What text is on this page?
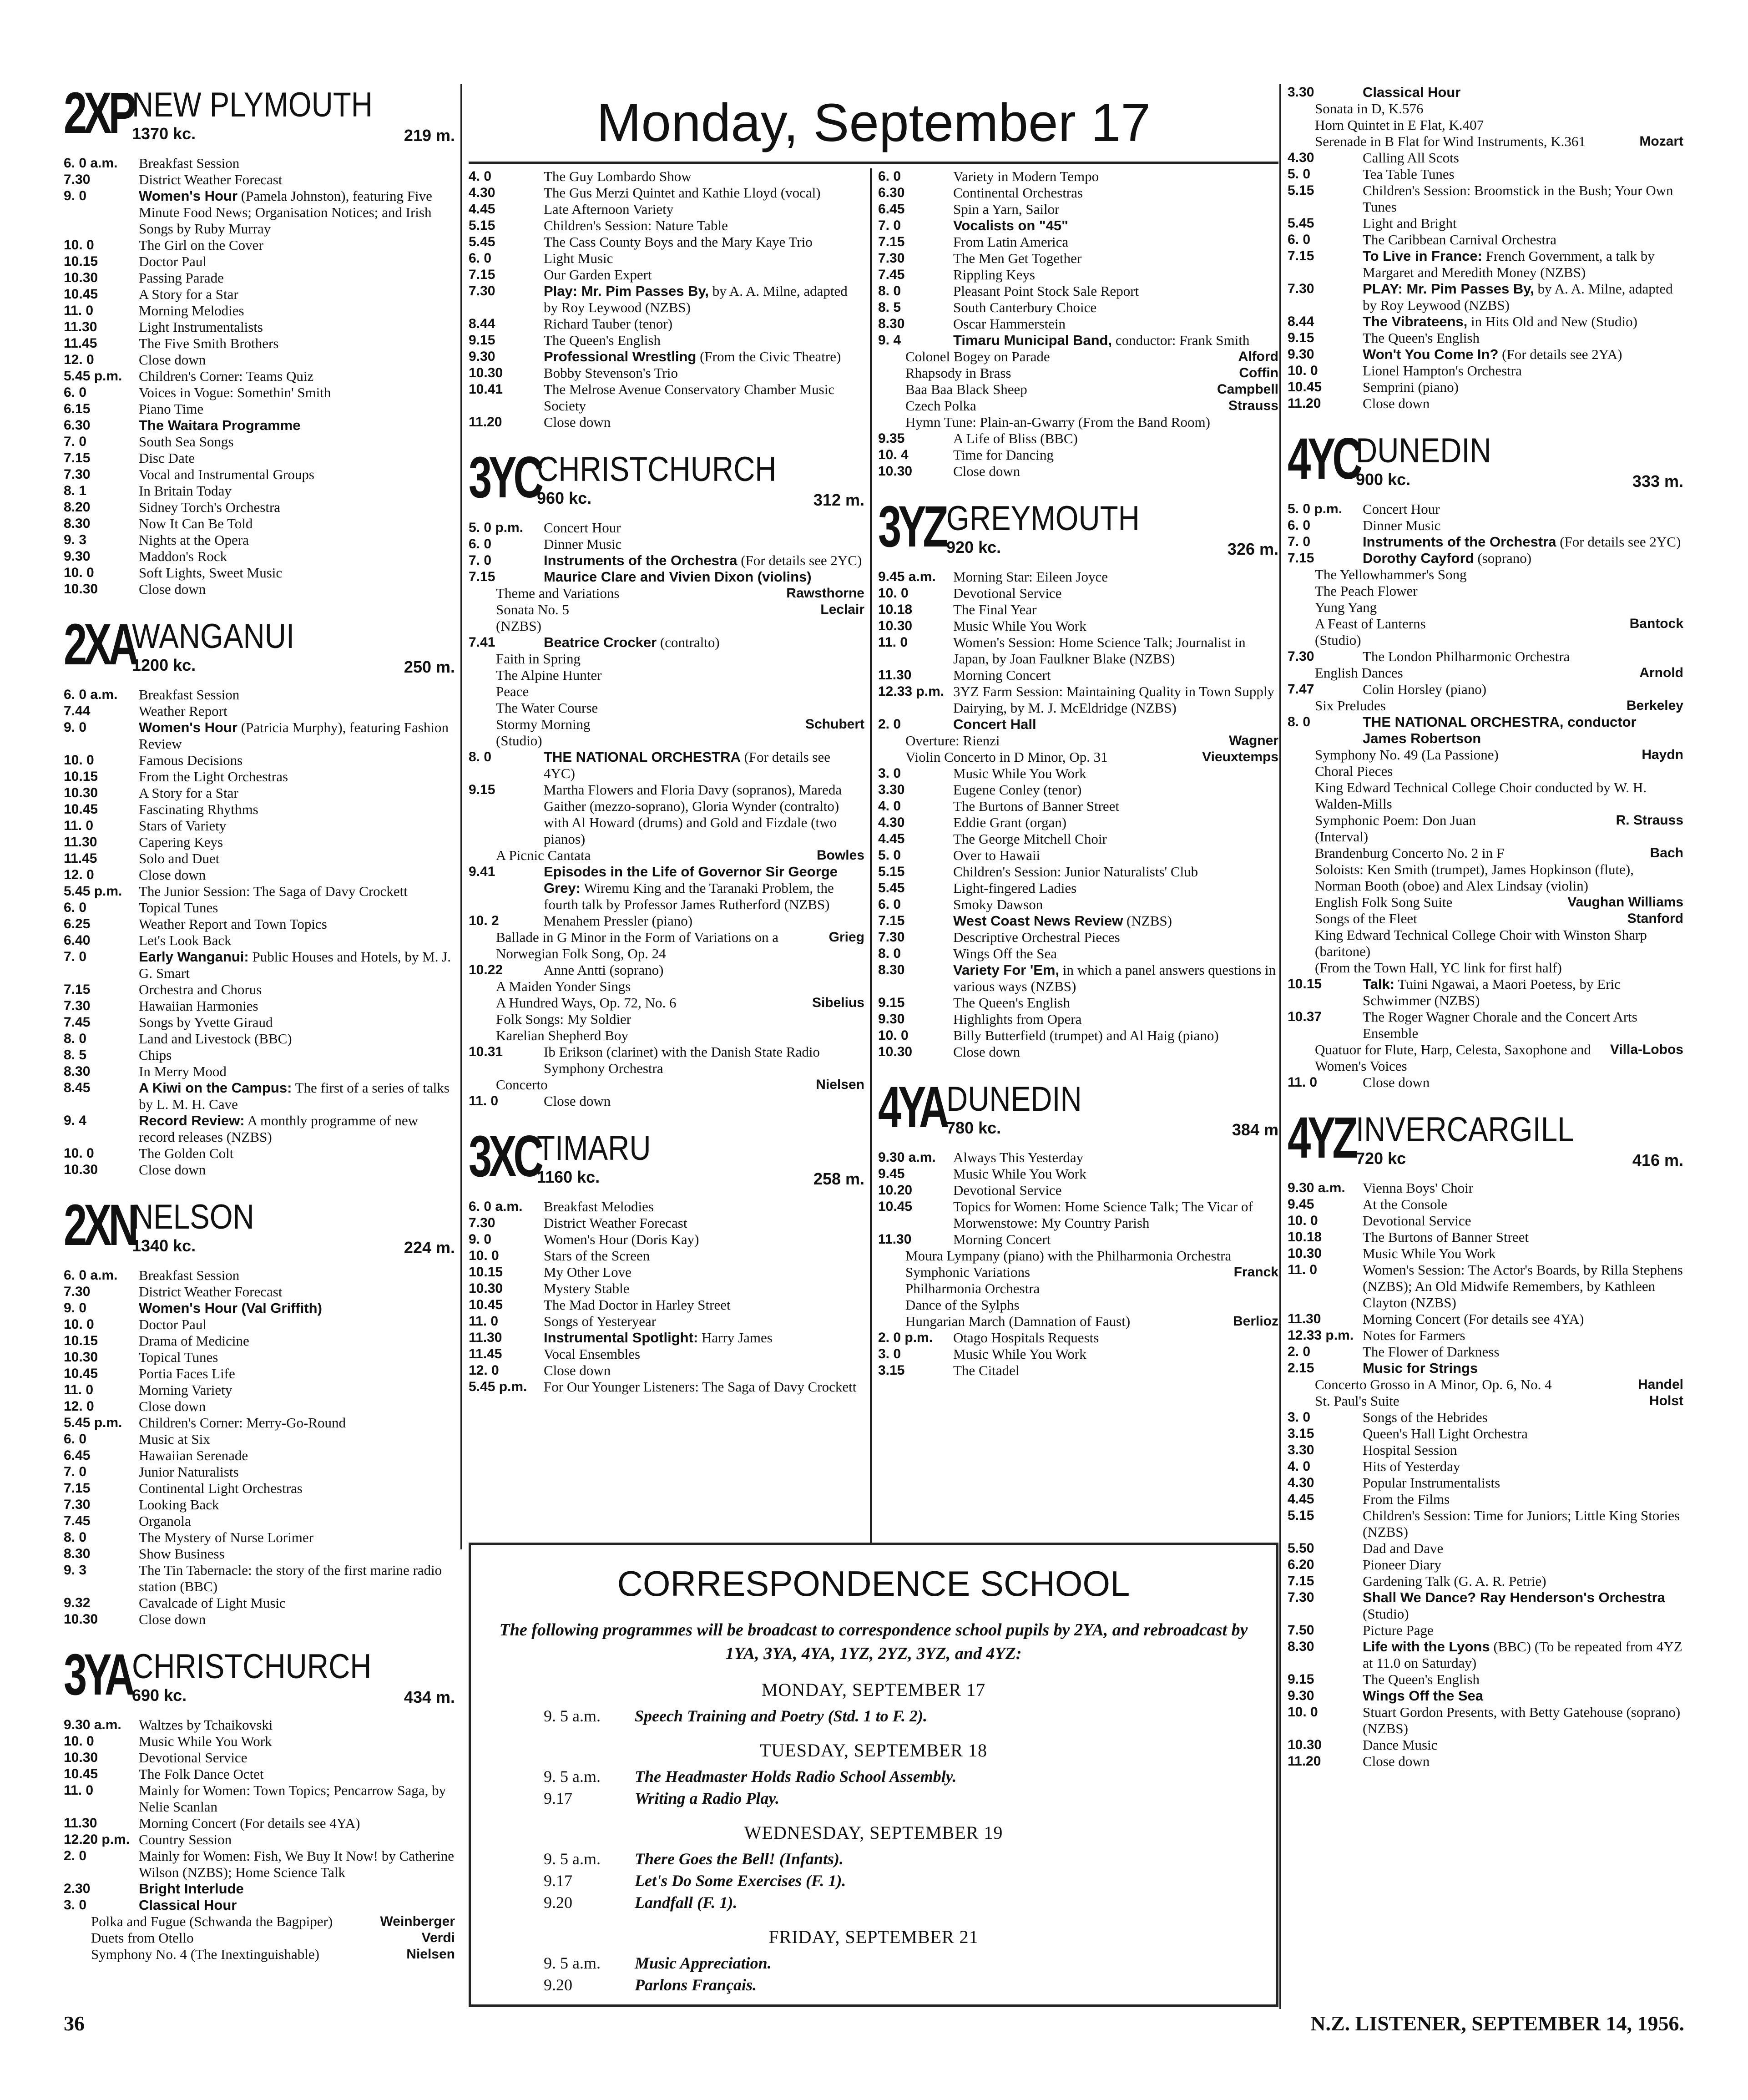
Monday, September 17
2XP
NEW PLYMOUTH
1370 kc.	219 m.
6. 0 a.m.	Breakfast Session
7.30	District Weather Forecast
9. 0	Women's Hour (Pamela Johnston), featuring Five Minute Food News; Organisation Notices; and Irish Songs by Ruby Murray
10. 0	The Girl on the Cover
10.15	Doctor Paul
10.30	Passing Parade
10.45	A Story for a Star
11. 0	Morning Melodies
11.30	Light Instrumentalists
11.45	The Five Smith Brothers
12. 0	Close down
5.45 p.m.	Children's Corner: Teams Quiz
6. 0	Voices in Vogue: Somethin' Smith
6.15	Piano Time
6.30	The Waitara Programme
7. 0	South Sea Songs
7.15	Disc Date
7.30	Vocal and Instrumental Groups
8. 1	In Britain Today
8.20	Sidney Torch's Orchestra
8.30	Now It Can Be Told
9. 3	Nights at the Opera
9.30	Maddon's Rock
10. 0	Soft Lights, Sweet Music
10.30	Close down
2XA
WANGANUI
1200 kc.	250 m.
6. 0 a.m.	Breakfast Session
7.44	Weather Report
9. 0	Women's Hour (Patricia Murphy), featuring Fashion Review
10. 0	Famous Decisions
10.15	From the Light Orchestras
10.30	A Story for a Star
10.45	Fascinating Rhythms
11. 0	Stars of Variety
11.30	Capering Keys
11.45	Solo and Duet
12. 0	Close down
5.45 p.m.	The Junior Session: The Saga of Davy Crockett
6. 0	Topical Tunes
6.25	Weather Report and Town Topics
6.40	Let's Look Back
7. 0	Early Wanganui: Public Houses and Hotels, by M. J. G. Smart
7.15	Orchestra and Chorus
7.30	Hawaiian Harmonies
7.45	Songs by Yvette Giraud
8. 0	Land and Livestock (BBC)
8. 5	Chips
8.30	In Merry Mood
8.45	A Kiwi on the Campus: The first of a series of talks by L. M. H. Cave
9. 4	Record Review: A monthly programme of new record releases (NZBS)
10. 0	The Golden Colt
10.30	Close down
2XN
NELSON
1340 kc.	224 m.
6. 0 a.m.	Breakfast Session
7.30	District Weather Forecast
9. 0	Women's Hour (Val Griffith)
10. 0	Doctor Paul
10.15	Drama of Medicine
10.30	Topical Tunes
10.45	Portia Faces Life
11. 0	Morning Variety
12. 0	Close down
5.45 p.m.	Children's Corner: Merry-Go-Round
6. 0	Music at Six
6.45	Hawaiian Serenade
7. 0	Junior Naturalists
7.15	Continental Light Orchestras
7.30	Looking Back
7.45	Organola
8. 0	The Mystery of Nurse Lorimer
8.30	Show Business
9. 3	The Tin Tabernacle: the story of the first marine radio station (BBC)
9.32	Cavalcade of Light Music
10.30	Close down
3YA CHRISTCHURCH
690 kc.	434 m.
9.30 a.m.	Waltzes by Tchaikovski
10. 0	Music While You Work
10.30	Devotional Service
10.45	The Folk Dance Octet
11. 0	Mainly for Women: Town Topics; Pencarrow Saga, by Nelie Scanlan
11.30	Morning Concert (For details see 4YA)
12.20 p.m. Country Session
2. 0	Mainly for Women: Fish, We Buy It Now! by Catherine Wilson (NZBS); Home Science Talk
2.30	Bright Interlude
3. 0	Classical Hour
Polka and Fugue (Schwanda the Bagpiper)	Weinberger
Duets from Otello	Verdi
Symphony No. 4 (The Inextinguishable)	Nielsen
4. 0	The Guy Lombardo Show
4.30	The Gus Merzi Quintet and Kathie Lloyd (vocal)
4.45	Late Afternoon Variety
5.15	Children's Session: Nature Table
5.45	The Cass County Boys and the Mary Kaye Trio
6. 0	Light Music
7.15	Our Garden Expert
7.30	Play: Mr. Pim Passes By, by A. A. Milne, adapted by Roy Leywood (NZBS)
8.44	Richard Tauber (tenor)
9.15	The Queen's English
9.30	Professional Wrestling (From the Civic Theatre)
10.30	Bobby Stevenson's Trio
10.41	The Melrose Avenue Conservatory Chamber Music Society
11.20	Close down
3YC
CHRISTCHURCH
960 kc.	312 m.
5. 0 p.m.	Concert Hour
6. 0	Dinner Music
7. 0	Instruments of the Orchestra (For details see 2YC)
7.15	Maurice Clare and Vivien Dixon (violins)
Theme and Variations	Rawsthorne
Sonata No. 5	Leclair
(NZBS)
7.41	Beatrice Crocker (contralto)
Faith in Spring
The Alpine Hunter
Peace
The Water Course
Stormy Morning	Schubert
(Studio)
8. 0	THE NATIONAL ORCHESTRA (For details see 4YC)
9.15	Martha Flowers and Floria Davy (sopranos), Mareda Gaither (mezzo-soprano), Gloria Wynder (contralto) with Al Howard (drums) and Gold and Fizdale (two pianos)
A Picnic Cantata	Bowles
9.41	Episodes in the Life of Governor Sir George Grey: Wiremu King and the Taranaki Problem, the fourth talk by Professor James Rutherford (NZBS)
10. 2	Menahem Pressler (piano)
Ballade in G Minor in the Form of Variations on a Norwegian Folk Song, Op. 24
Grieg
10.22	Anne Antti (soprano)
A Maiden Yonder Sings
A Hundred Ways, Op. 72, No. 6	Sibelius
Folk Songs: My Soldier
Karelian Shepherd Boy
10.31	Ib Erikson (clarinet) with the Danish State Radio Symphony Orchestra
Concerto	Nielsen
11. 0	Close down
3XC
TIMARU
1160 kc.	258 m.
6. 0 a.m.	Breakfast Melodies
7.30	District Weather Forecast
9. 0	Women's Hour (Doris Kay)
10. 0	Stars of the Screen
10.15	My Other Love
10.30	Mystery Stable
10.45	The Mad Doctor in Harley Street
11. 0	Songs of Yesteryear
11.30	Instrumental Spotlight: Harry James
11.45	Vocal Ensembles
12. 0	Close down
5.45 p.m.	For Our Younger Listeners: The Saga of Davy Crockett
6. 0	Variety in Modern Tempo
6.30	Continental Orchestras
6.45	Spin a Yarn, Sailor
7. 0	Vocalists on "45"
7.15	From Latin America
7.30	The Men Get Together
7.45	Rippling Keys
8. 0	Pleasant Point Stock Sale Report
8. 5	South Canterbury Choice
8.30	Oscar Hammerstein
9. 4	Timaru Municipal Band, conductor: Frank Smith
Colonel Bogey on Parade	Alford
Rhapsody in Brass	Coffin
Baa Baa Black Sheep	Campbell
Czech Polka	Strauss
Hymn Tune: Plain-an-Gwarry (From the Band Room)
9.35	A Life of Bliss (BBC)
10. 4	Time for Dancing
10.30	Close down
3YZ GREYMOUTH
920 kc.	326 m.
9.45 a.m.	Morning Star: Eileen Joyce
10. 0	Devotional Service
10.18	The Final Year
10.30	Music While You Work
11. 0	Women's Session: Home Science Talk; Journalist in Japan, by Joan Faulkner Blake (NZBS)
11.30	Morning Concert
12.33 p.m. 3YZ Farm Session: Maintaining Quality in Town Supply Dairying, by M. J. McEldridge (NZBS)
2. 0	Concert Hall
Overture: Rienzi	Wagner
Violin Concerto in D Minor, Op. 31	Vieuxtemps
3. 0	Music While You Work
3.30	Eugene Conley (tenor)
4. 0	The Burtons of Banner Street
4.30	Eddie Grant (organ)
4.45	The George Mitchell Choir
5. 0	Over to Hawaii
5.15	Children's Session: Junior Naturalists' Club
5.45	Light-fingered Ladies
6. 0	Smoky Dawson
7.15	West Coast News Review (NZBS)
7.30	Descriptive Orchestral Pieces
8. 0	Wings Off the Sea
8.30	Variety For 'Em, in which a panel answers questions in various ways (NZBS)
9.15	The Queen's English
9.30	Highlights from Opera
10. 0	Billy Butterfield (trumpet) and Al Haig (piano)
10.30	Close down
4YA DUNEDIN
780 kc.	384 m
9.30 a.m.	Always This Yesterday
9.45	Music While You Work
10.20	Devotional Service
10.45	Topics for Women: Home Science Talk; The Vicar of Morwenstowe: My Country Parish
11.30	Morning Concert
Moura Lympany (piano) with the Philharmonia Orchestra
Symphonic Variations	Franck
Philharmonia Orchestra
Dance of the Sylphs
Hungarian March (Damnation of Faust)	Berlioz
2. 0 p.m.	Otago Hospitals Requests
3. 0	Music While You Work
3.15	The Citadel
3.30	Classical Hour
Sonata in D, K.576
Horn Quintet in E Flat, K.407
Serenade in B Flat for Wind Instruments, K.361	Mozart
4.30	Calling All Scots
5. 0	Tea Table Tunes
5.15	Children's Session: Broomstick in the Bush; Your Own Tunes
5.45	Light and Bright
6. 0	The Caribbean Carnival Orchestra
7.15	To Live in France: French Government, a talk by Margaret and Meredith Money (NZBS)
7.30	PLAY: Mr. Pim Passes By, by A. A. Milne, adapted by Roy Leywood (NZBS)
8.44	The Vibrateens, in Hits Old and New (Studio)
9.15	The Queen's English
9.30	Won't You Come In? (For details see 2YA)
10. 0	Lionel Hampton's Orchestra
10.45	Semprini (piano)
11.20	Close down
4YC
DUNEDIN
900 kc.	333 m.
5. 0 p.m.	Concert Hour
6. 0	Dinner Music
7. 0	Instruments of the Orchestra (For details see 2YC)
7.15	Dorothy Cayford (soprano)
The Yellowhammer's Song
The Peach Flower
Yung Yang
A Feast of Lanterns	Bantock
(Studio)
7.30	The London Philharmonic Orchestra
English Dances	Arnold
7.47	Colin Horsley (piano)
Six Preludes	Berkeley
8. 0	THE NATIONAL ORCHESTRA, conductor James Robertson
Symphony No. 49 (La Passione)	Haydn
Choral Pieces
King Edward Technical College Choir conducted by W. H. Walden-Mills
Symphonic Poem: Don Juan	R. Strauss
(Interval)
Brandenburg Concerto No. 2 in F	Bach
Soloists: Ken Smith (trumpet), James Hopkinson (flute), Norman Booth (oboe) and Alex Lindsay (violin)
English Folk Song Suite	Vaughan Williams
Songs of the Fleet	Stanford
King Edward Technical College Choir with Winston Sharp (baritone)
(From the Town Hall, YC link for first half)
10.15	Talk: Tuini Ngawai, a Maori Poetess, by Eric Schwimmer (NZBS)
10.37	The Roger Wagner Chorale and the Concert Arts Ensemble
Quatuor for Flute, Harp, Celesta, Saxophone and Women's Voices
Villa-Lobos
11. 0	Close down
4YZ INVERCARGILL
720 kc	416 m.
9.30 a.m.	Vienna Boys' Choir
9.45	At the Console
10. 0	Devotional Service
10.18	The Burtons of Banner Street
10.30	Music While You Work
11. 0	Women's Session: The Actor's Boards, by Rilla Stephens (NZBS); An Old Midwife Remembers, by Kathleen Clayton (NZBS)
11.30	Morning Concert (For details see 4YA)
12.33 p.m. Notes for Farmers
2. 0	The Flower of Darkness
2.15	Music for Strings
Concerto Grosso in A Minor, Op. 6, No. 4	Handel
St. Paul's Suite	Holst
3. 0	Songs of the Hebrides
3.15	Queen's Hall Light Orchestra
3.30	Hospital Session
4. 0	Hits of Yesterday
4.30	Popular Instrumentalists
4.45	From the Films
5.15	Children's Session: Time for Juniors; Little King Stories (NZBS)
5.50	Dad and Dave
6.20	Pioneer Diary
7.15	Gardening Talk (G. A. R. Petrie)
7.30	Shall We Dance? Ray Henderson's Orchestra (Studio)
7.50	Picture Page
8.30	Life with the Lyons (BBC) (To be repeated from 4YZ at 11.0 on Saturday)
9.15	The Queen's English
9.30	Wings Off the Sea
10. 0	Stuart Gordon Presents, with Betty Gatehouse (soprano) (NZBS)
10.30	Dance Music
11.20	Close down
CORRESPONDENCE SCHOOL
The following programmes will be broadcast to correspondence school pupils by 2YA, and rebroadcast by 1YA, 3YA, 4YA, 1YZ, 2YZ, 3YZ, and 4YZ:
MONDAY, SEPTEMBER 17
9. 5 a.m.	Speech Training and Poetry (Std. 1 to F. 2).
TUESDAY, SEPTEMBER 18
9. 5 a.m.	The Headmaster Holds Radio School Assembly.
9.17	Writing a Radio Play.
WEDNESDAY, SEPTEMBER 19
9. 5 a.m.	There Goes the Bell! (Infants).
9.17	Let's Do Some Exercises (F. 1).
9.20	Landfall (F. 1).
FRIDAY, SEPTEMBER 21
9. 5 a.m.	Music Appreciation.
9.20	Parlons Français.
36	N.Z. LISTENER, SEPTEMBER 14, 1956.
